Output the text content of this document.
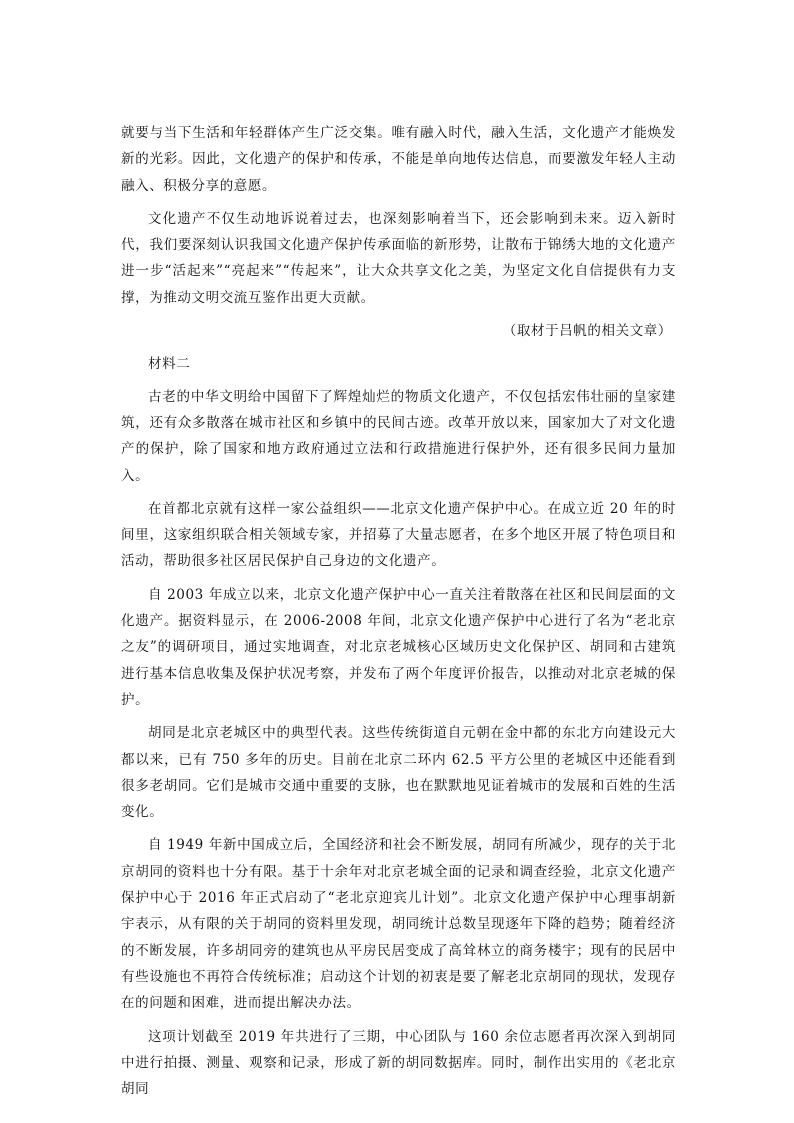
就要与当下生活和年轻群体产生广泛交集。唯有融入时代，融入生活，文化遗产才能焕发新的光彩。因此，文化遗产的保护和传承，不能是单向地传达信息，而要激发年轻人主动融入、积极分享的意愿。

文化遗产不仅生动地诉说着过去，也深刻影响着当下，还会影响到未来。迈入新时代，我们要深刻认识我国文化遗产保护传承面临的新形势，让散布于锦绣大地的文化遗产进一步“活起来”“亮起来”“传起来”，让大众共享文化之美，为坚定文化自信提供有力支撑，为推动文明交流互鉴作出更大贡献。

（取材于吕帆的相关文章）

材料二

古老的中华文明给中国留下了辉煌灿烂的物质文化遗产，不仅包括宏伟壮丽的皇家建筑，还有众多散落在城市社区和乡镇中的民间古迹。改革开放以来，国家加大了对文化遗产的保护，除了国家和地方政府通过立法和行政措施进行保护外，还有很多民间力量加入。

在首都北京就有这样一家公益组织——北京文化遗产保护中心。在成立近 20 年的时间里，这家组织联合相关领域专家，并招募了大量志愿者，在多个地区开展了特色项目和活动，帮助很多社区居民保护自己身边的文化遗产。

自 2003 年成立以来，北京文化遗产保护中心一直关注着散落在社区和民间层面的文化遗产。据资料显示，在 2006-2008 年间，北京文化遗产保护中心进行了名为“老北京之友”的调研项目，通过实地调查，对北京老城核心区域历史文化保护区、胡同和古建筑进行基本信息收集及保护状况考察，并发布了两个年度评价报告，以推动对北京老城的保护。

胡同是北京老城区中的典型代表。这些传统街道自元朝在金中都的东北方向建设元大都以来，已有 750 多年的历史。目前在北京二环内 62.5 平方公里的老城区中还能看到很多老胡同。它们是城市交通中重要的支脉，也在默默地见证着城市的发展和百姓的生活变化。

自 1949 年新中国成立后，全国经济和社会不断发展，胡同有所减少，现存的关于北京胡同的资料也十分有限。基于十余年对北京老城全面的记录和调查经验，北京文化遗产保护中心于 2016 年正式启动了“老北京迎宾儿计划”。北京文化遗产保护中心理事胡新宇表示，从有限的关于胡同的资料里发现，胡同统计总数呈现逐年下降的趋势；随着经济的不断发展，许多胡同旁的建筑也从平房民居变成了高耸林立的商务楼宇；现有的民居中有些设施也不再符合传统标准；启动这个计划的初衷是要了解老北京胡同的现状，发现存在的问题和困难，进而提出解决办法。

这项计划截至 2019 年共进行了三期，中心团队与 160 余位志愿者再次深入到胡同中进行拍摄、测量、观察和记录，形成了新的胡同数据库。同时，制作出实用的《老北京胡同
